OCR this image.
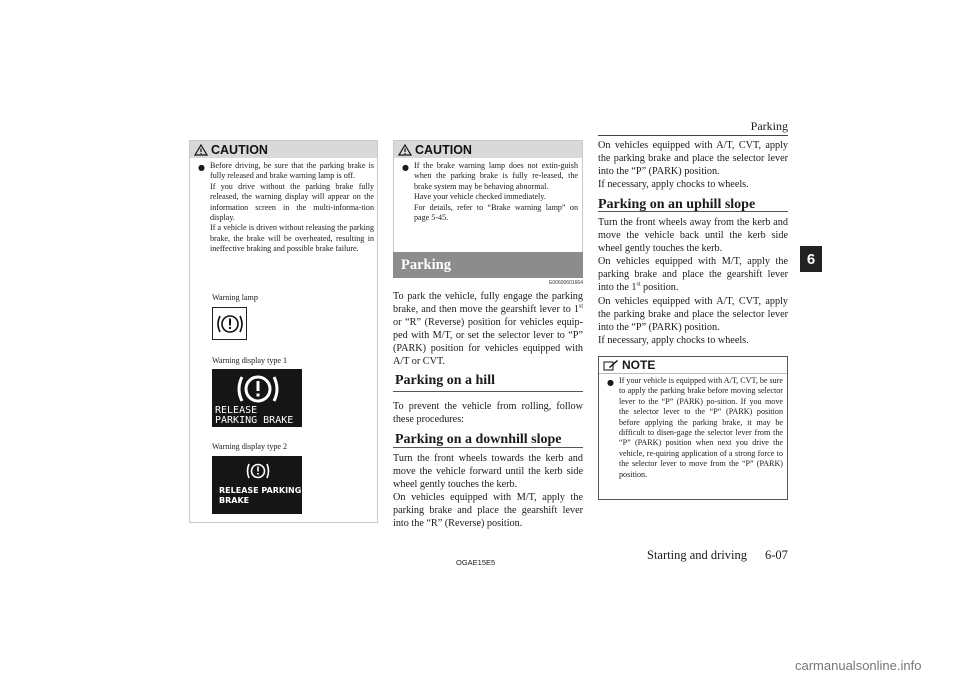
Parking
6
CAUTION
● Before driving, be sure that the parking brake is fully released and brake warning lamp is off.
If you drive without the parking brake fully released, the warning display will appear on the information screen in the multi-informa-tion display.
If a vehicle is driven without releasing the parking brake, the brake will be overheated, resulting in ineffective braking and possible brake failure.
Warning lamp
Warning display type 1
RELEASE
PARKING BRAKE
Warning display type 2
RELEASE PARKING
BRAKE
CAUTION
● If the brake warning lamp does not extin-guish when the parking brake is fully re-leased, the brake system may be behaving abnormal.
Have your vehicle checked immediately.
For details, refer to “Brake warning lamp” on page 5-45.
Parking
E00600601664
To park the vehicle, fully engage the parking brake, and then move the gearshift lever to 1st or “R” (Reverse) position for vehicles equip-ped with M/T, or set the selector lever to “P” (PARK) position for vehicles equipped with A/T or CVT.
Parking on a hill
To prevent the vehicle from rolling, follow these procedures:
Parking on a downhill slope
Turn the front wheels towards the kerb and move the vehicle forward until the kerb side wheel gently touches the kerb.
On vehicles equipped with M/T, apply the parking brake and place the gearshift lever into the “R” (Reverse) position.
On vehicles equipped with A/T, CVT, apply the parking brake and place the selector lever into the “P” (PARK) position.
If necessary, apply chocks to wheels.
Parking on an uphill slope
Turn the front wheels away from the kerb and move the vehicle back until the kerb side wheel gently touches the kerb.
On vehicles equipped with M/T, apply the parking brake and place the gearshift lever into the 1st position.
On vehicles equipped with A/T, CVT, apply the parking brake and place the selector lever into the “P” (PARK) position.
If necessary, apply chocks to wheels.
NOTE
● If your vehicle is equipped with A/T, CVT, be sure to apply the parking brake before moving selector lever to the “P” (PARK) po-sition. If you move the selector lever to the “P” (PARK) position before applying the parking brake, it may be difficult to disen-gage the selector lever from the “P” (PARK) position when next you drive the vehicle, re-quiring application of a strong force to the selector lever to move from the “P” (PARK) position.
OGAE15E5
Starting and driving 6-07
carmanualsonline.info
